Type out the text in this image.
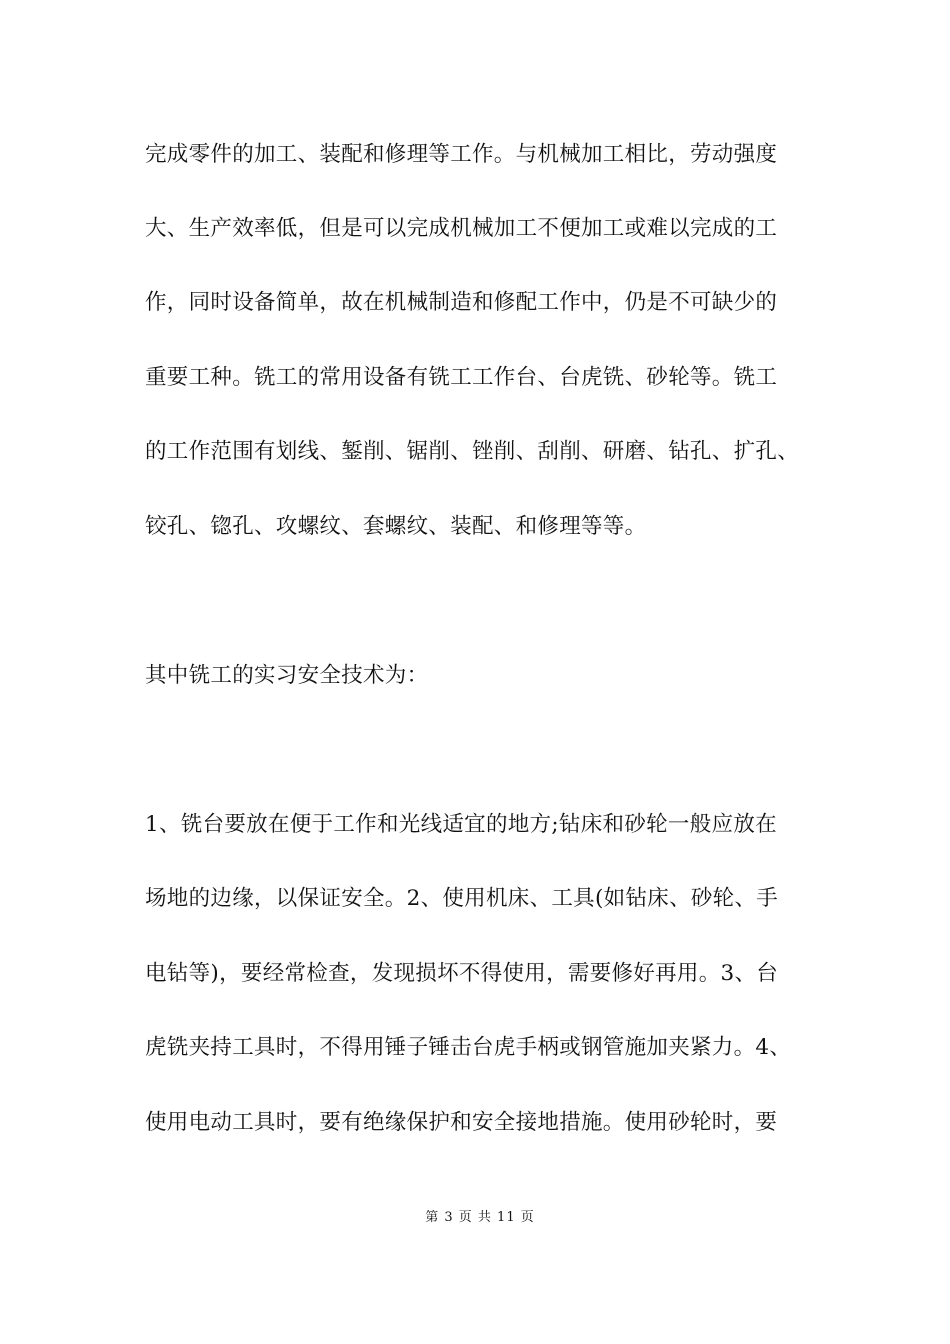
完成零件的加工、装配和修理等工作。与机械加工相比，劳动强度
大、生产效率低，但是可以完成机械加工不便加工或难以完成的工
作，同时设备简单，故在机械制造和修配工作中，仍是不可缺少的
重要工种。铣工的常用设备有铣工工作台、台虎铣、砂轮等。铣工
的工作范围有划线、錾削、锯削、锉削、刮削、研磨、钻孔、扩孔、
铰孔、锪孔、攻螺纹、套螺纹、装配、和修理等等。
其中铣工的实习安全技术为：
1、铣台要放在便于工作和光线适宜的地方;钻床和砂轮一般应放在
场地的边缘，以保证安全。2、使用机床、工具(如钻床、砂轮、手
电钻等)，要经常检查，发现损坏不得使用，需要修好再用。3、台
虎铣夹持工具时，不得用锤子锤击台虎手柄或钢管施加夹紧力。4、
使用电动工具时，要有绝缘保护和安全接地措施。使用砂轮时，要
第 3 页 共 11 页
